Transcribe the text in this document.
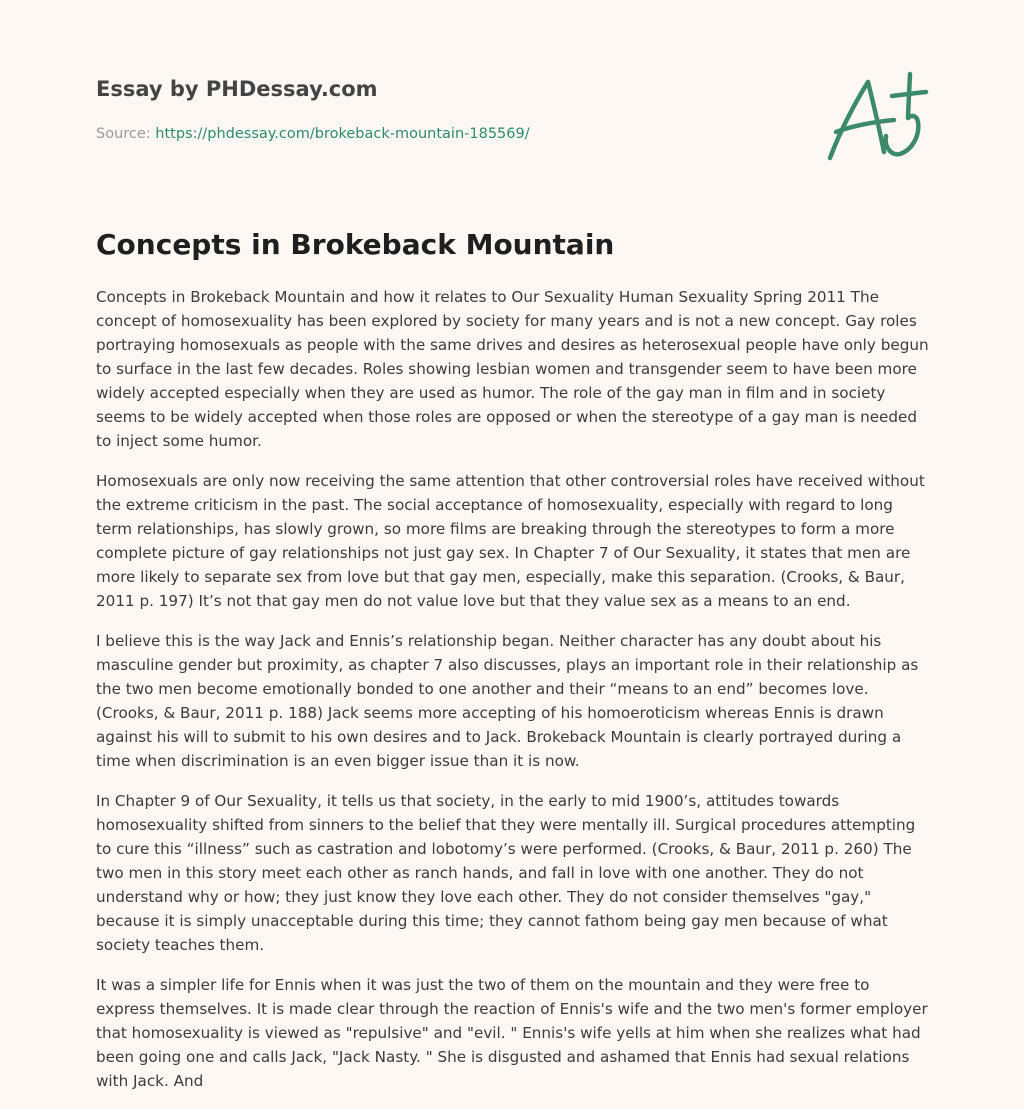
Essay by PHDessay.com

Source: https://phdessay.com/brokeback-mountain-185569/
Concepts in Brokeback Mountain

Concepts in Brokeback Mountain and how it relates to Our Sexuality Human Sexuality Spring 2011 The concept of homosexuality has been explored by society for many years and is not a new concept. Gay roles portraying homosexuals as people with the same drives and desires as heterosexual people have only begun to surface in the last few decades. Roles showing lesbian women and transgender seem to have been more widely accepted especially when they are used as humor. The role of the gay man in film and in society seems to be widely accepted when those roles are opposed or when the stereotype of a gay man is needed to inject some humor.

Homosexuals are only now receiving the same attention that other controversial roles have received without the extreme criticism in the past. The social acceptance of homosexuality, especially with regard to long term relationships, has slowly grown, so more films are breaking through the stereotypes to form a more complete picture of gay relationships not just gay sex. In Chapter 7 of Our Sexuality, it states that men are more likely to separate sex from love but that gay men, especially, make this separation. (Crooks, & Baur, 2011 p. 197) It’s not that gay men do not value love but that they value sex as a means to an end.

I believe this is the way Jack and Ennis’s relationship began. Neither character has any doubt about his masculine gender but proximity, as chapter 7 also discusses, plays an important role in their relationship as the two men become emotionally bonded to one another and their “means to an end” becomes love. (Crooks, & Baur, 2011 p. 188) Jack seems more accepting of his homoeroticism whereas Ennis is drawn against his will to submit to his own desires and to Jack. Brokeback Mountain is clearly portrayed during a time when discrimination is an even bigger issue than it is now.

In Chapter 9 of Our Sexuality, it tells us that society, in the early to mid 1900’s, attitudes towards homosexuality shifted from sinners to the belief that they were mentally ill. Surgical procedures attempting to cure this “illness” such as castration and lobotomy’s were performed. (Crooks, & Baur, 2011 p. 260) The two men in this story meet each other as ranch hands, and fall in love with one another. They do not understand why or how; they just know they love each other. They do not consider themselves "gay," because it is simply unacceptable during this time; they cannot fathom being gay men because of what society teaches them.

It was a simpler life for Ennis when it was just the two of them on the mountain and they were free to express themselves. It is made clear through the reaction of Ennis's wife and the two men's former employer that homosexuality is viewed as "repulsive" and "evil. " Ennis's wife yells at him when she realizes what had been going one and calls Jack, "Jack Nasty. " She is disgusted and ashamed that Ennis had sexual relations with Jack. And
